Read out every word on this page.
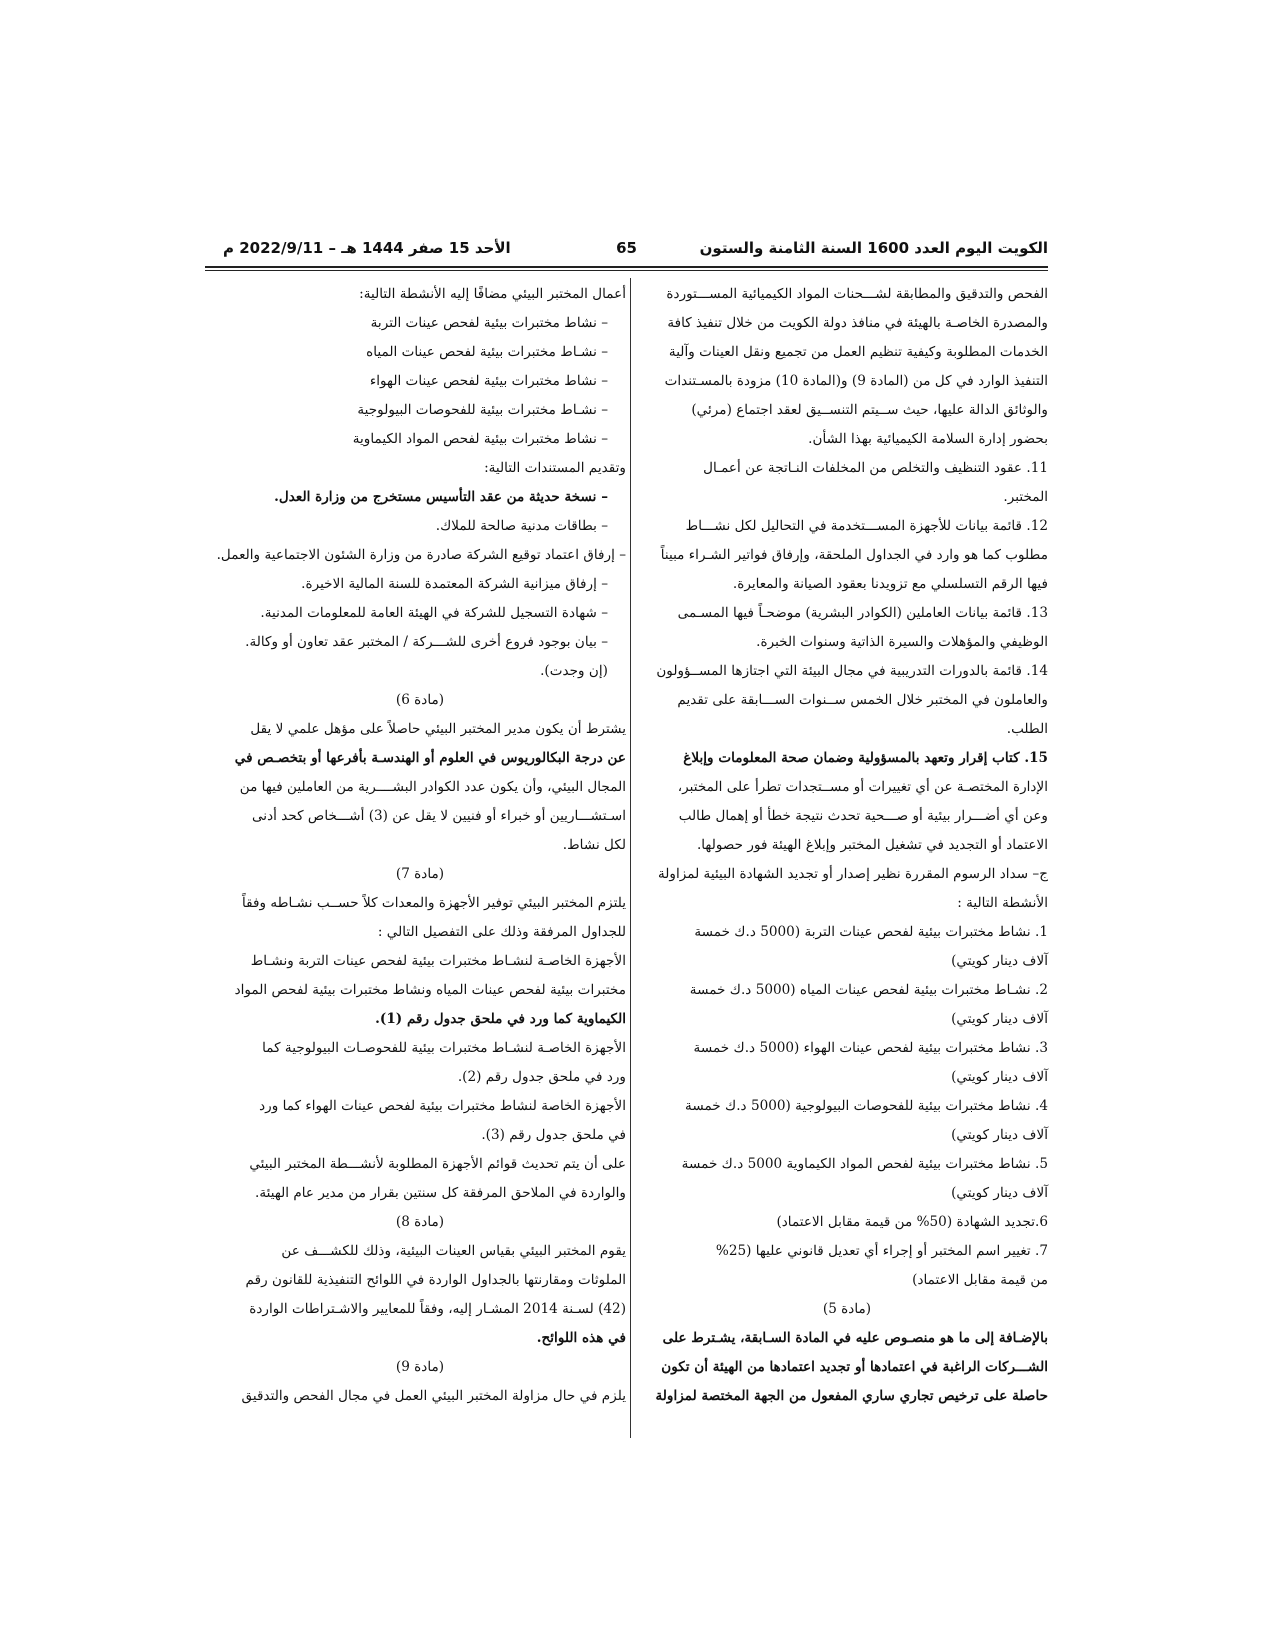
الكويت اليوم العدد 1600 السنة الثامنة والستون
65
الأحد 15 صفر 1444 هـ – 2022/9/11 م

الفحص والتدقيق والمطابقة لشـــحنات المواد الكيميائية المســـتوردة

والمصدرة الخاصـة بالهيئة في منافذ دولة الكويت من خلال تنفيذ كافة

الخدمات المطلوبة وكيفية تنظيم العمل من تجميع ونقل العينات وآلية

التنفيذ الوارد في كل من (المادة 9) و(المادة 10) مزودة بالمسـتندات

والوثائق الدالة عليها، حيث ســيتم التنســيق لعقد اجتماع (مرئي)

بحضور إدارة السلامة الكيميائية بهذا الشأن.

11. عقود التنظيف والتخلص من المخلفات النـاتجة عن أعمـال

المختبر.

12. قائمة بيانات للأجهزة المســـتخدمة في التحاليل لكل نشـــاط

مطلوب كما هو وارد في الجداول الملحقة، وإرفاق فواتير الشـراء مبيناً

فيها الرقم التسلسلي مع تزويدنا بعقود الصيانة والمعايرة.

13. قائمة بيانات العاملين (الكوادر البشرية) موضحـاً فيها المسـمى

الوظيفي والمؤهلات والسيرة الذاتية وسنوات الخبرة.

14. قائمة بالدورات التدريبية في مجال البيئة التي اجتازها المســؤولون

والعاملون في المختبر خلال الخمس ســنوات الســـابقة على تقديم

الطلب.

15. كتاب إقرار وتعهد بالمسؤولية وضمان صحة المعلومات وإبلاغ

الإدارة المختصـة عن أي تغييرات أو مســتجدات تطرأ على المختبر،

وعن أي أضـــرار بيئية أو صـــحية تحدث نتيجة خطأ أو إهمال طالب

الاعتماد أو التجديد في تشغيل المختبر وإبلاغ الهيئة فور حصولها.

ج– سداد الرسوم المقررة نظير إصدار أو تجديد الشهادة البيئية لمزاولة

الأنشطة التالية :

1. نشاط مختبرات بيئية لفحص عينات التربة (5000 د.ك خمسة

آلاف دينار كويتي)

2. نشـاط مختبرات بيئية لفحص عينات المياه (5000 د.ك خمسة

آلاف دينار كويتي)

3. نشاط مختبرات بيئية لفحص عينات الهواء (5000 د.ك خمسة

آلاف دينار كويتي)

4. نشاط مختبرات بيئية للفحوصات البيولوجية (5000 د.ك خمسة

آلاف دينار كويتي)

5. نشاط مختبرات بيئية لفحص المواد الكيماوية 5000 د.ك خمسة

آلاف دينار كويتي)

6.تجديد الشهادة (50% من قيمة مقابل الاعتماد)

7. تغيير اسم المختبر أو إجراء أي تعديل قانوني عليها (25%

من قيمة مقابل الاعتماد)

(مادة 5)

بالإضـافة إلى ما هو منصـوص عليه في المادة السـابقة، يشـترط على

الشـــركات الراغبة في اعتمادها أو تجديد اعتمادها من الهيئة أن تكون

حاصلة على ترخيص تجاري ساري المفعول من الجهة المختصة لمزاولة

أعمال المختبر البيئي مضافًا إليه الأنشطة التالية:

– نشاط مختبرات بيئية لفحص عينات التربة

– نشـاط مختبرات بيئية لفحص عينات المياه

– نشاط مختبرات بيئية لفحص عينات الهواء

– نشـاط مختبرات بيئية للفحوصات البيولوجية

– نشاط مختبرات بيئية لفحص المواد الكيماوية

وتقديم المستندات التالية:

– نسخة حديثة من عقد التأسيس مستخرج من وزارة العدل.

– بطاقات مدنية صالحة للملاك.

– إرفاق اعتماد توقيع الشركة صادرة من وزارة الشئون الاجتماعية والعمل.

– إرفاق ميزانية الشركة المعتمدة للسنة المالية الاخيرة.

– شهادة التسجيل للشركة في الهيئة العامة للمعلومات المدنية.

– بيان بوجود فروع أخرى للشـــركة / المختبر عقد تعاون أو وكالة.

(إن وجدت).

(مادة 6)

يشترط أن يكون مدير المختبر البيئي حاصلاً على مؤهل علمي لا يقل

عن درجة البكالوريوس في العلوم أو الهندسـة بأفرعها أو بتخصـص في

المجال البيئي، وأن يكون عدد الكوادر البشــــرية من العاملين فيها من

اسـتشـــاريين أو خبراء أو فنيين لا يقل عن (3) أشـــخاص كحد أدنى

لكل نشاط.

(مادة 7)

يلتزم المختبر البيئي توفير الأجهزة والمعدات كلاً حســب نشـاطه وفقاً

للجداول المرفقة وذلك على التفصيل التالي :

الأجهزة الخاصـة لنشـاط مختبرات بيئية لفحص عينات التربة ونشـاط

مختبرات بيئية لفحص عينات المياه ونشاط مختبرات بيئية لفحص المواد

الكيماوية كما ورد في ملحق جدول رقم (1).

الأجهزة الخاصـة لنشـاط مختبرات بيئية للفحوصـات البيولوجية كما

ورد في ملحق جدول رقم (2).

الأجهزة الخاصة لنشاط مختبرات بيئية لفحص عينات الهواء كما ورد

في ملحق جدول رقم (3).

على أن يتم تحديث قوائم الأجهزة المطلوبة لأنشـــطة المختبر البيئي

والواردة في الملاحق المرفقة كل سنتين بقرار من مدير عام الهيئة.

(مادة 8)

يقوم المختبر البيئي بقياس العينات البيئية، وذلك للكشـــف عن

الملوثات ومقارنتها بالجداول الواردة في اللوائح التنفيذية للقانون رقم

(42) لسـنة 2014 المشـار إليه، وفقاً للمعايير والاشـتراطات الواردة

في هذه اللوائح.

(مادة 9)

يلزم في حال مزاولة المختبر البيئي العمل في مجال الفحص والتدقيق
